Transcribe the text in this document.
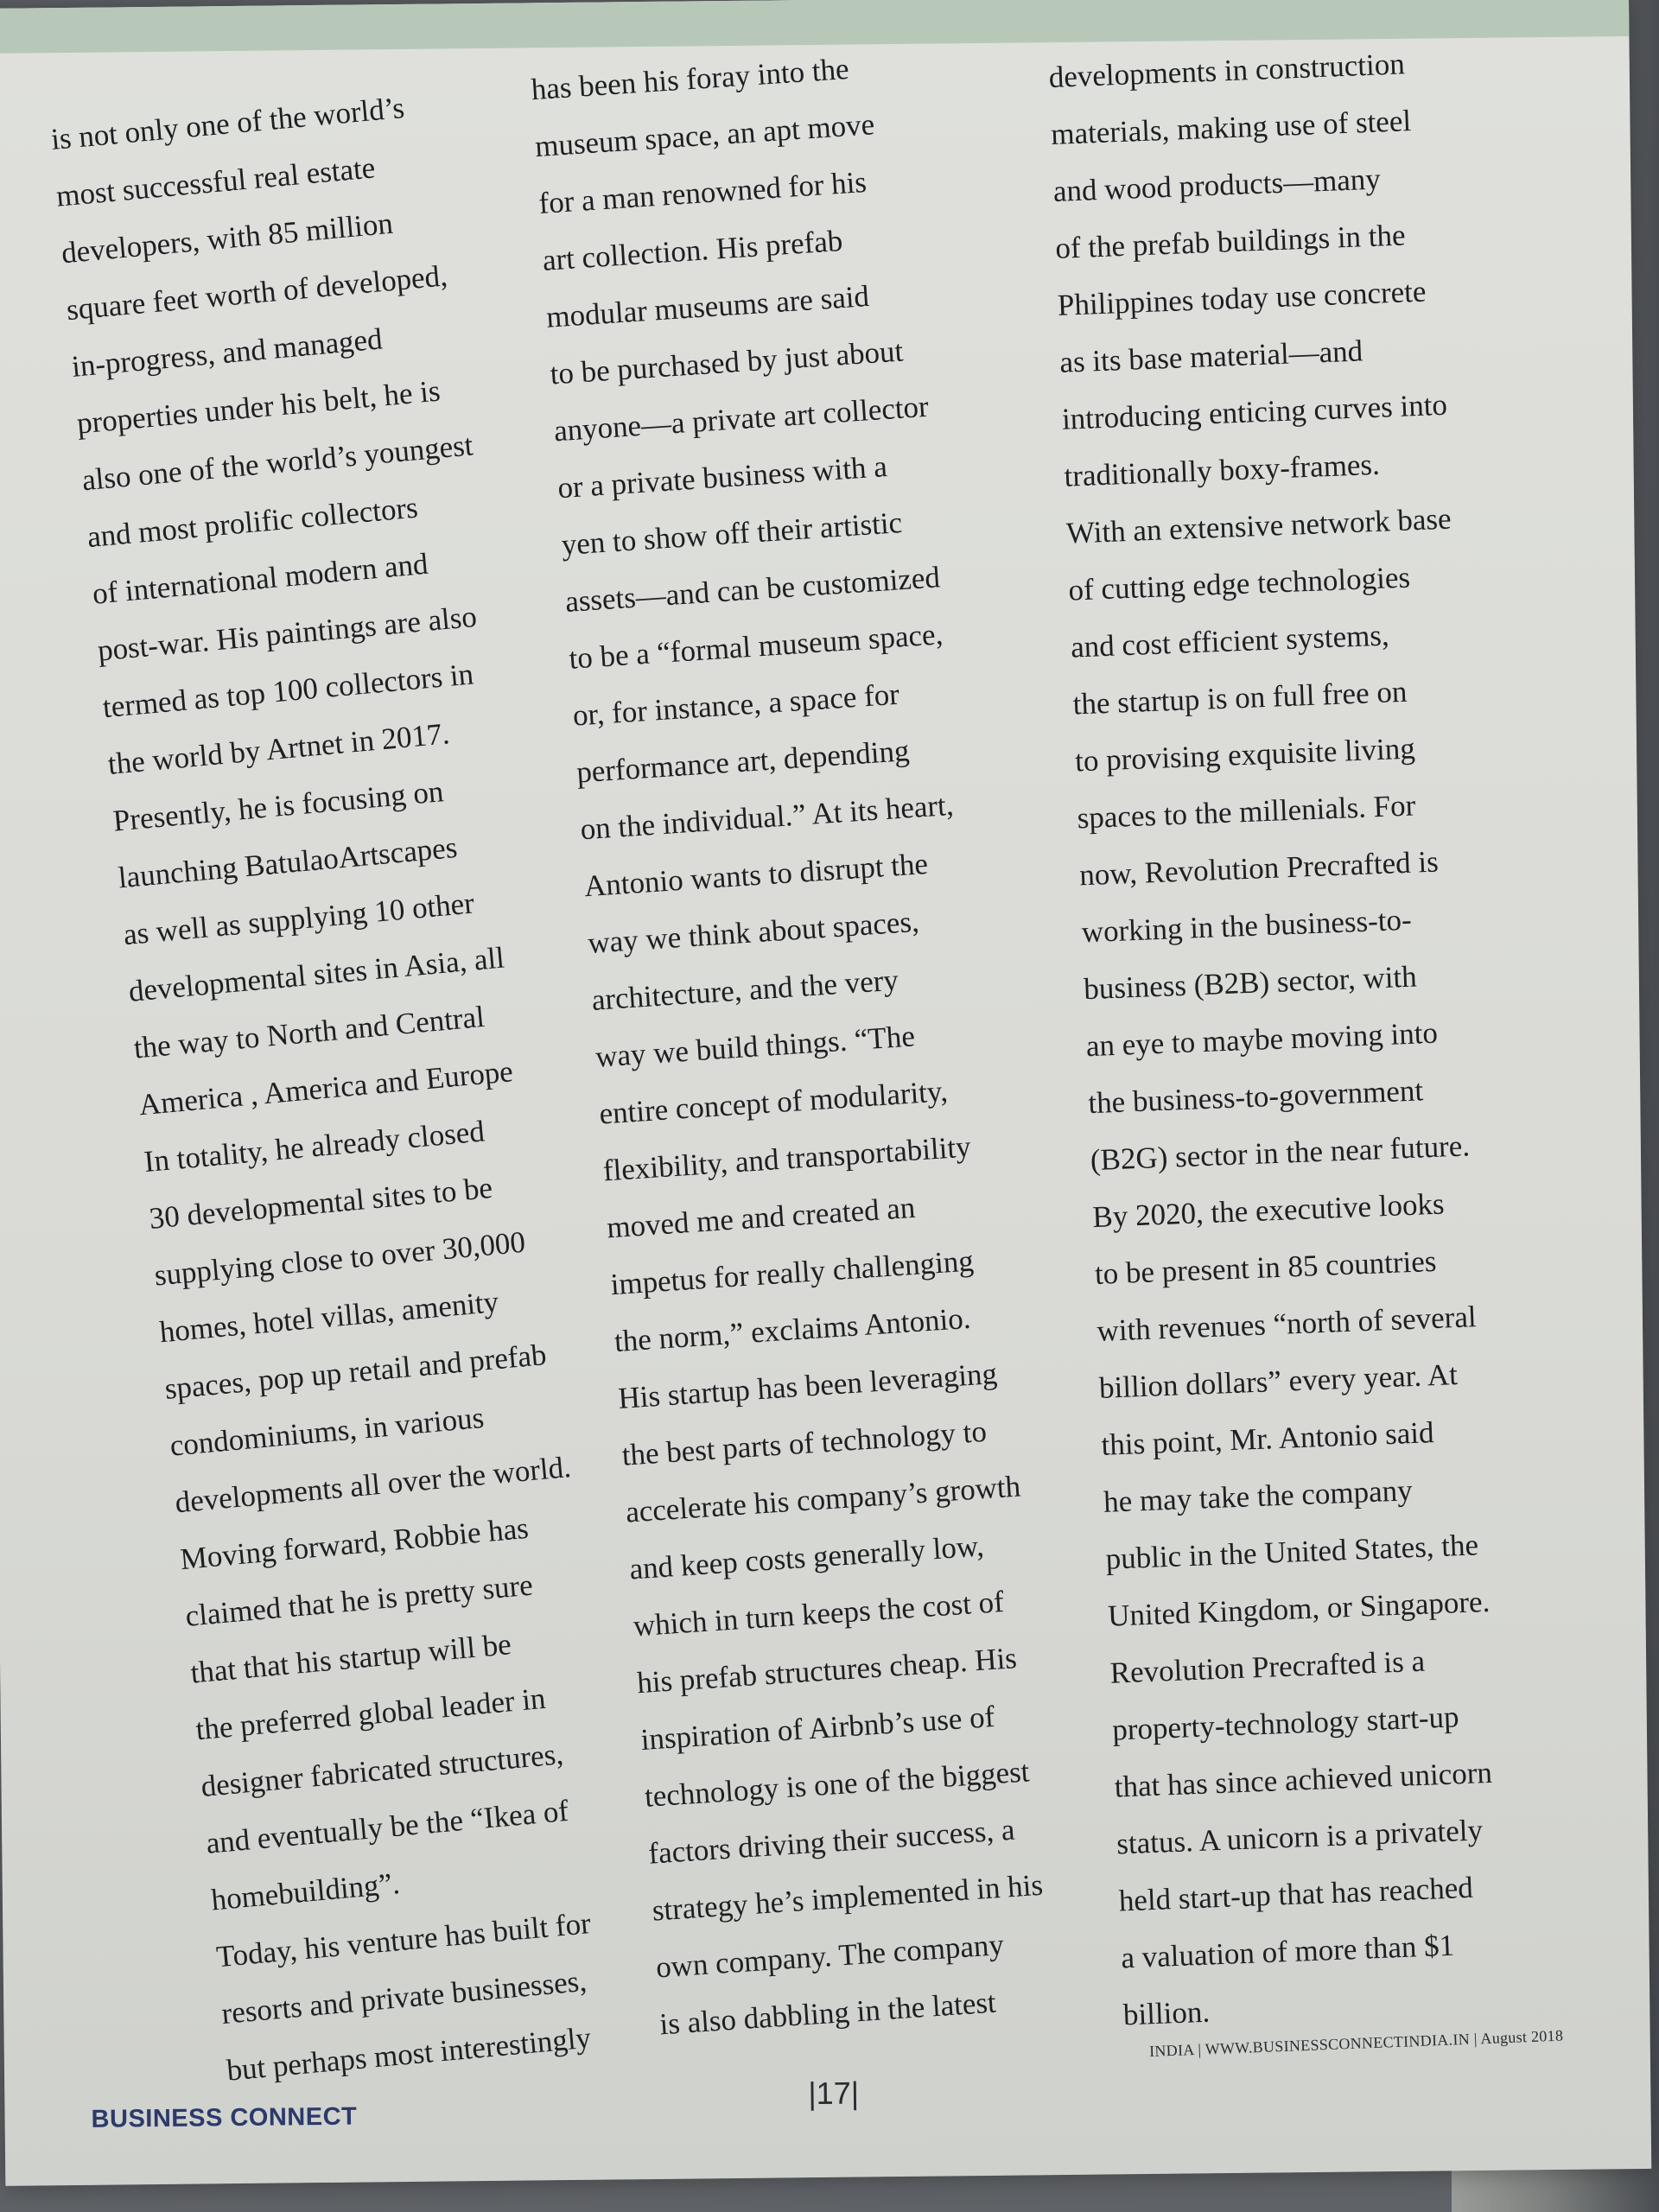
is not only one of the world’s
most successful real estate
developers, with 85 million
square feet worth of developed,
in-progress, and managed
properties under his belt, he is
also one of the world’s youngest
and most prolific collectors
of international modern and
post-war. His paintings are also
termed as top 100 collectors in
the world by Artnet in 2017.
Presently, he is focusing on
launching BatulaoArtscapes
as well as supplying 10 other
developmental sites in Asia, all
the way to North and Central
America , America and Europe
In totality, he already closed
30 developmental sites to be
supplying close to over 30,000
homes, hotel villas, amenity
spaces, pop up retail and prefab
condominiums, in various
developments all over the world.
Moving forward, Robbie has
claimed that he is pretty sure
that that his startup will be
the preferred global leader in
designer fabricated structures,
and eventually be the “Ikea of
homebuilding”.
Today, his venture has built for
resorts and private businesses,
but perhaps most interestingly
has been his foray into the
museum space, an apt move
for a man renowned for his
art collection. His prefab
modular museums are said
to be purchased by just about
anyone—a private art collector
or a private business with a
yen to show off their artistic
assets—and can be customized
to be a “formal museum space,
or, for instance, a space for
performance art, depending
on the individual.” At its heart,
Antonio wants to disrupt the
way we think about spaces,
architecture, and the very
way we build things. “The
entire concept of modularity,
flexibility, and transportability
moved me and created an
impetus for really challenging
the norm,” exclaims Antonio.
His startup has been leveraging
the best parts of technology to
accelerate his company’s growth
and keep costs generally low,
which in turn keeps the cost of
his prefab structures cheap. His
inspiration of Airbnb’s use of
technology is one of the biggest
factors driving their success, a
strategy he’s implemented in his
own company. The company
is also dabbling in the latest
developments in construction
materials, making use of steel
and wood products—many
of the prefab buildings in the
Philippines today use concrete
as its base material—and
introducing enticing curves into
traditionally boxy-frames.
With an extensive network base
of cutting edge technologies
and cost efficient systems,
the startup is on full free on
to provising exquisite living
spaces to the millenials. For
now, Revolution Precrafted is
working in the business-to-
business (B2B) sector, with
an eye to maybe moving into
the business-to-government
(B2G) sector in the near future.
By 2020, the executive looks
to be present in 85 countries
with revenues “north of several
billion dollars” every year. At
this point, Mr. Antonio said
he may take the company
public in the United States, the
United Kingdom, or Singapore.
Revolution Precrafted is a
property-technology start-up
that has since achieved unicorn
status. A unicorn is a privately
held start-up that has reached
a valuation of more than $1
billion.
BUSINESS CONNECT
|17|
INDIA | WWW.BUSINESSCONNECTINDIA.IN | August 2018
